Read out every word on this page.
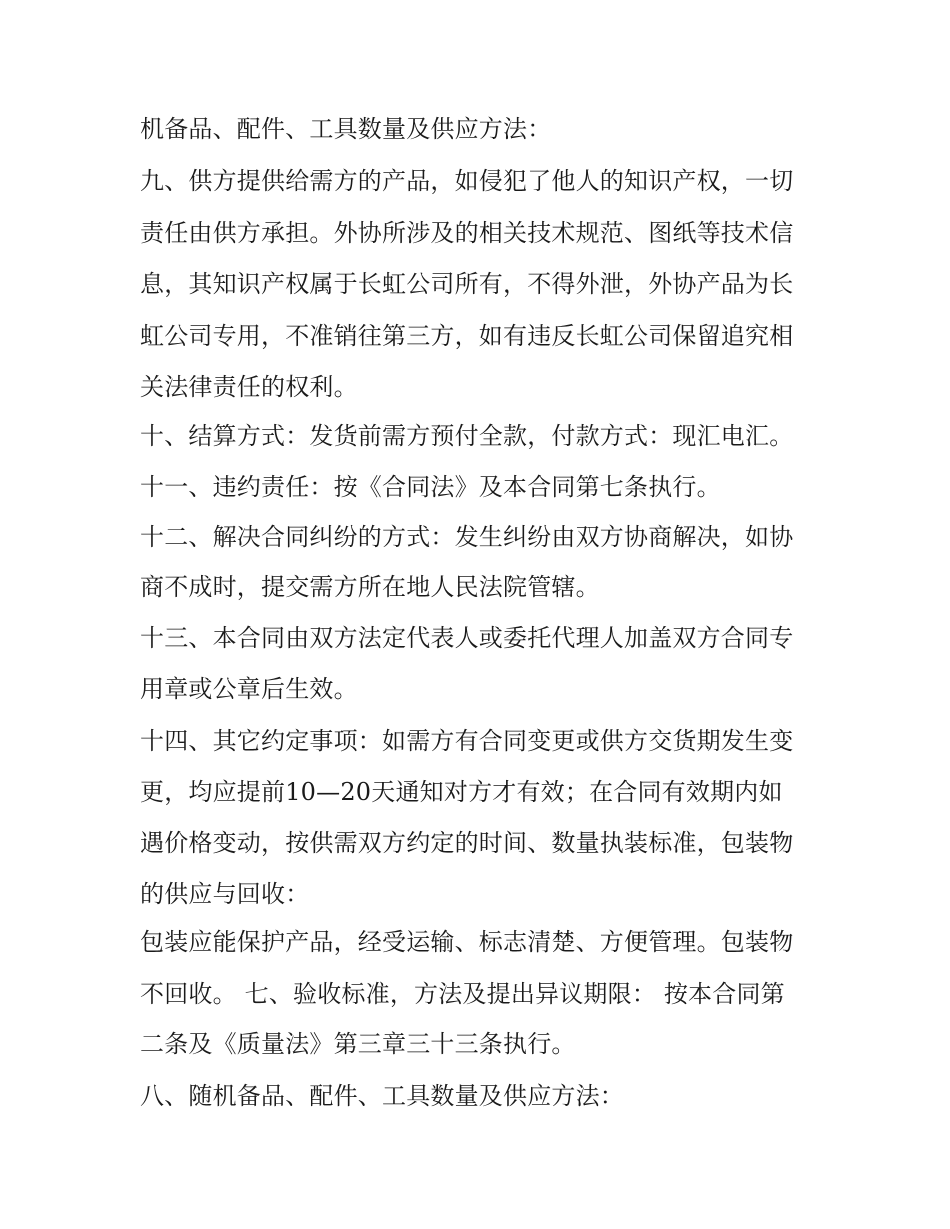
机备品、配件、工具数量及供应方法：
九、供方提供给需方的产品，如侵犯了他人的知识产权，一切
责任由供方承担。外协所涉及的相关技术规范、图纸等技术信
息，其知识产权属于长虹公司所有，不得外泄，外协产品为长
虹公司专用，不准销往第三方，如有违反长虹公司保留追究相
关法律责任的权利。
十、结算方式：发货前需方预付全款，付款方式：现汇电汇。
十一、违约责任：按《合同法》及本合同第七条执行。
十二、解决合同纠纷的方式：发生纠纷由双方协商解决，如协
商不成时，提交需方所在地人民法院管辖。
十三、本合同由双方法定代表人或委托代理人加盖双方合同专
用章或公章后生效。
十四、其它约定事项：如需方有合同变更或供方交货期发生变
更，均应提前10—20天通知对方才有效；在合同有效期内如
遇价格变动，按供需双方约定的时间、数量执装标准，包装物
的供应与回收：
包装应能保护产品，经受运输、标志清楚、方便管理。包装物
不回收。 七、验收标准，方法及提出异议期限： 按本合同第
二条及《质量法》第三章三十三条执行。
八、随机备品、配件、工具数量及供应方法：
